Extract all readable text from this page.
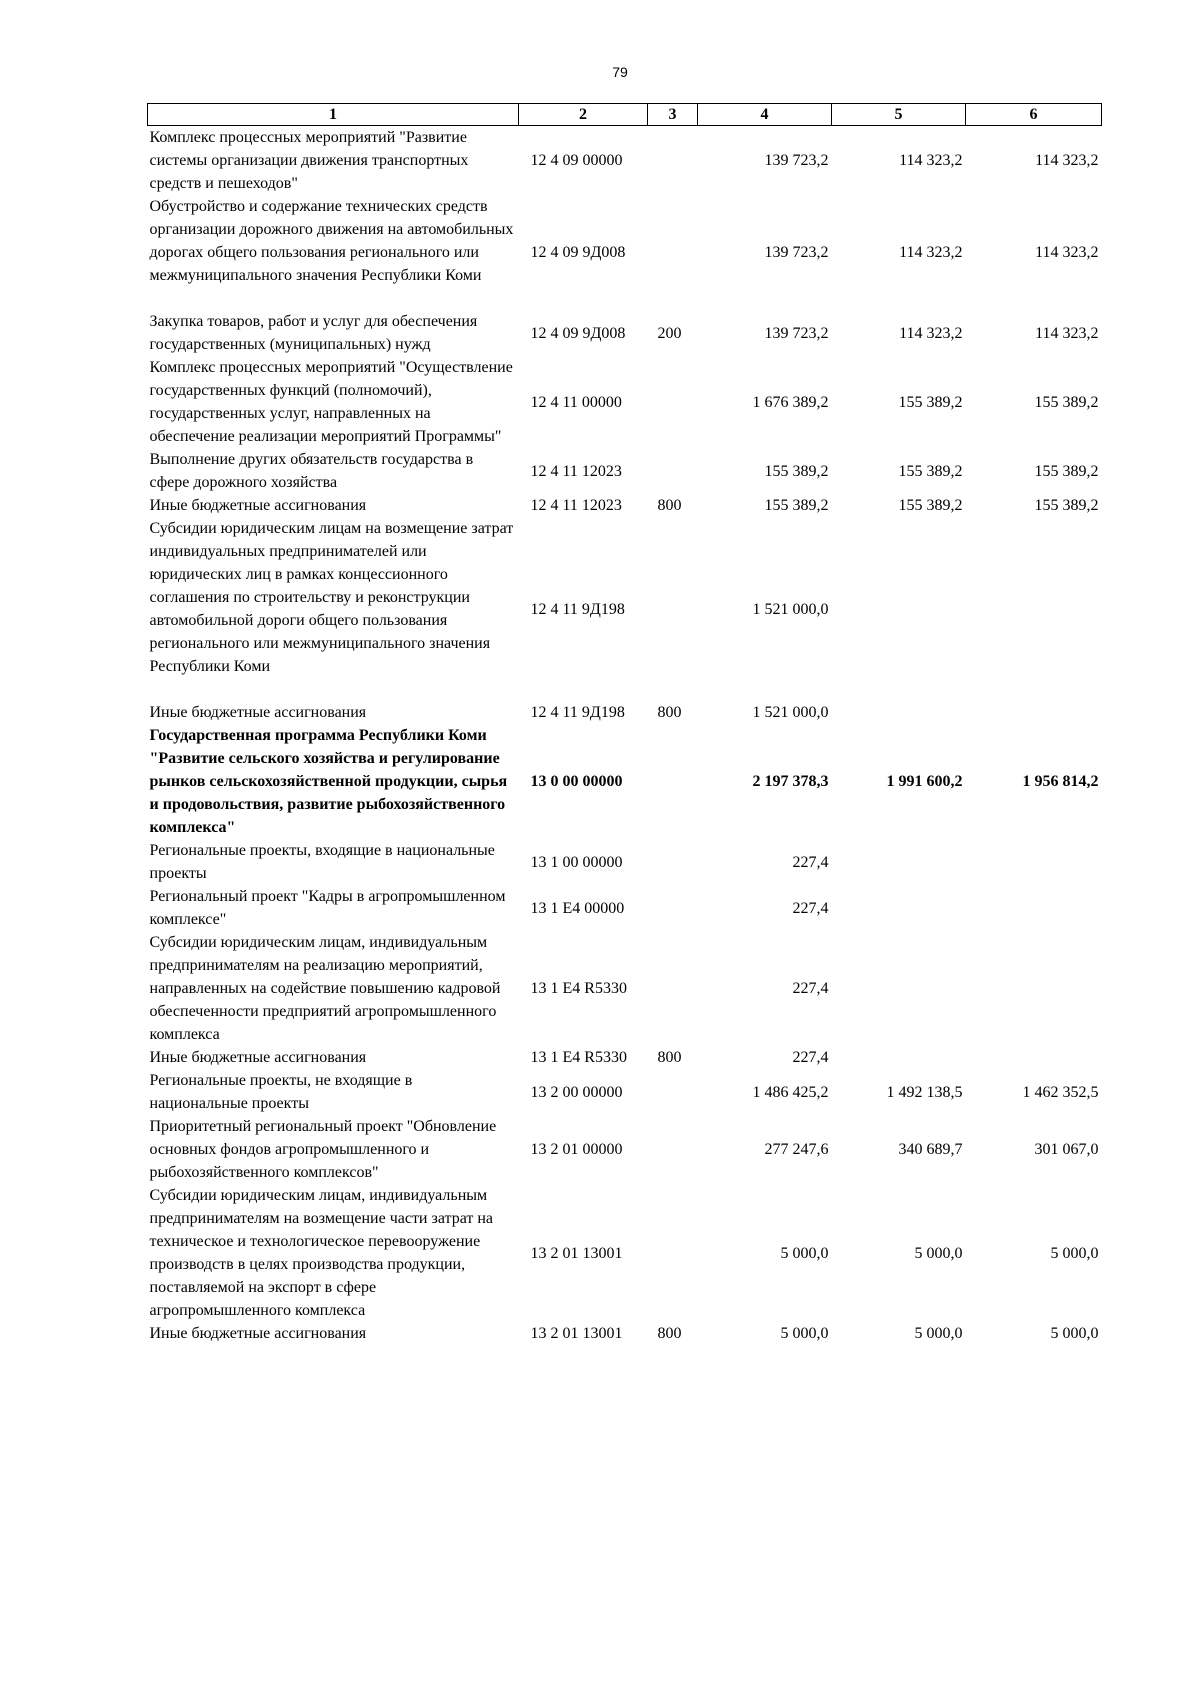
79
1	2	3	4	5	6
Комплекс процессных мероприятий "Развитие системы организации движения транспортных средств и пешеходов"	12 4 09 00000		139 723,2	114 323,2	114 323,2
Обустройство и содержание технических средств организации дорожного движения на автомобильных дорогах общего пользования регионального или межмуниципального значения Республики Коми	12 4 09 9Д008		139 723,2	114 323,2	114 323,2
Закупка товаров, работ и услуг для обеспечения государственных (муниципальных) нужд	12 4 09 9Д008	200	139 723,2	114 323,2	114 323,2
Комплекс процессных мероприятий "Осуществление государственных функций (полномочий), государственных услуг, направленных на обеспечение реализации мероприятий Программы"	12 4 11 00000		1 676 389,2	155 389,2	155 389,2
Выполнение других обязательств государства в сфере дорожного хозяйства	12 4 11 12023		155 389,2	155 389,2	155 389,2
Иные бюджетные ассигнования	12 4 11 12023	800	155 389,2	155 389,2	155 389,2
Субсидии юридическим лицам на возмещение затрат индивидуальных предпринимателей или юридических лиц в рамках концессионного соглашения по строительству и реконструкции автомобильной дороги общего пользования регионального или межмуниципального значения Республики Коми	12 4 11 9Д198		1 521 000,0		
Иные бюджетные ассигнования	12 4 11 9Д198	800	1 521 000,0		
Государственная программа Республики Коми "Развитие сельского хозяйства и регулирование рынков сельскохозяйственной продукции, сырья и продовольствия, развитие рыбохозяйственного комплекса"	13 0 00 00000		2 197 378,3	1 991 600,2	1 956 814,2
Региональные проекты, входящие в национальные проекты	13 1 00 00000		227,4		
Региональный проект "Кадры в агропромышленном комплексе"	13 1 E4 00000		227,4		
Субсидии юридическим лицам, индивидуальным предпринимателям на реализацию мероприятий, направленных на содействие повышению кадровой обеспеченности предприятий агропромышленного комплекса	13 1 E4 R5330		227,4		
Иные бюджетные ассигнования	13 1 E4 R5330	800	227,4		
Региональные проекты, не входящие в национальные проекты	13 2 00 00000		1 486 425,2	1 492 138,5	1 462 352,5
Приоритетный региональный проект "Обновление основных фондов агропромышленного и рыбохозяйственного комплексов"	13 2 01 00000		277 247,6	340 689,7	301 067,0
Субсидии юридическим лицам, индивидуальным предпринимателям на возмещение части затрат на техническое и технологическое перевооружение производств в целях производства продукции, поставляемой на экспорт в сфере агропромышленного комплекса	13 2 01 13001		5 000,0	5 000,0	5 000,0
Иные бюджетные ассигнования	13 2 01 13001	800	5 000,0	5 000,0	5 000,0
